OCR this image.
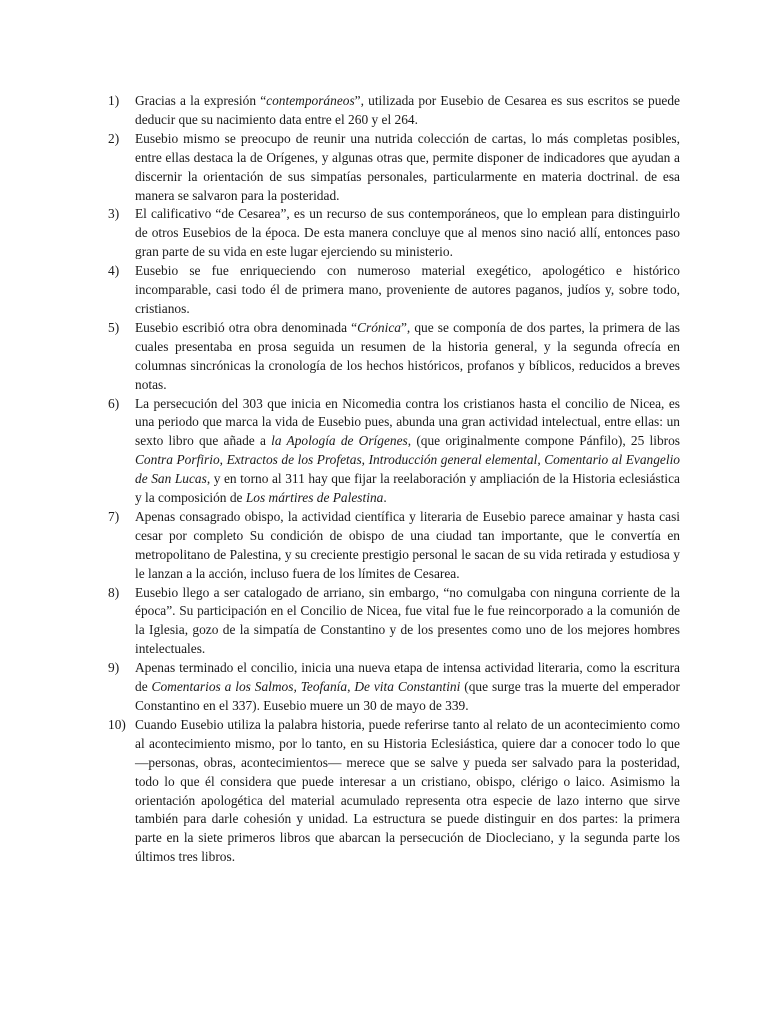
1)	Gracias a la expresión “contemporáneos”, utilizada por Eusebio de Cesarea es sus escritos se puede deducir que su nacimiento data entre el 260 y el 264.

2)	Eusebio mismo se preocupo de reunir una nutrida colección de cartas, lo más completas posibles, entre ellas destaca la de Orígenes, y algunas otras que, permite disponer de indicadores que ayudan a discernir la orientación de sus simpatías personales, particularmente en materia doctrinal. de esa manera se salvaron para la posteridad.

3)	El calificativo “de Cesarea”, es un recurso de sus contemporáneos, que lo emplean para distinguirlo de otros Eusebios de la época. De esta manera concluye que al menos sino nació allí, entonces paso gran parte de su vida en este lugar ejerciendo su ministerio.

4)	Eusebio se fue enriqueciendo con numeroso material exegético, apologético e histórico incomparable, casi todo él de primera mano, proveniente de autores paganos, judíos y, sobre todo, cristianos.

5)	Eusebio escribió otra obra denominada “Crónica”, que se componía de dos partes, la primera de las cuales presentaba en prosa seguida un resumen de la historia general, y la segunda ofrecía en columnas sincrónicas la cronología de los hechos históricos, profanos y bíblicos, reducidos a breves notas.

6)	La persecución del 303 que inicia en Nicomedia contra los cristianos hasta el concilio de Nicea, es una periodo que marca la vida de Eusebio pues, abunda una gran actividad intelectual, entre ellas: un sexto libro que añade a la Apología de Orígenes, (que originalmente compone Pánfilo), 25 libros Contra Porfirio, Extractos de los Profetas, Introducción general elemental, Comentario al Evangelio de San Lucas, y en torno al 311 hay que fijar la reelaboración y ampliación de la Historia eclesiástica y la composición de Los mártires de Palestina.

7)	Apenas consagrado obispo, la actividad científica y literaria de Eusebio parece amainar y hasta casi cesar por completo Su condición de obispo de una ciudad tan importante, que le convertía en metropolitano de Palestina, y su creciente prestigio personal le sacan de su vida retirada y estudiosa y le lanzan a la acción, incluso fuera de los límites de Cesarea.

8)	Eusebio llego a ser catalogado de arriano, sin embargo, “no comulgaba con ninguna corriente de la época”. Su participación en el Concilio de Nicea, fue vital fue le fue reincorporado a la comunión de la Iglesia, gozo de la simpatía de Constantino y de los presentes como uno de los mejores hombres intelectuales.

9)	Apenas terminado el concilio, inicia una nueva etapa de intensa actividad literaria, como la escritura de Comentarios a los Salmos, Teofanía, De vita Constantini (que surge tras la muerte del emperador Constantino en el 337). Eusebio muere un 30 de mayo de 339.

10) Cuando Eusebio utiliza la palabra historia, puede referirse tanto al relato de un acontecimiento como al acontecimiento mismo, por lo tanto, en su Historia Eclesiástica, quiere dar a conocer todo lo que —personas, obras, acontecimientos— merece que se salve y pueda ser salvado para la posteridad, todo lo que él considera que puede interesar a un cristiano, obispo, clérigo o laico. Asimismo la orientación apologética del material acumulado representa otra especie de lazo interno que sirve también para darle cohesión y unidad. La estructura se puede distinguir en dos partes: la primera parte en la siete primeros libros que abarcan la persecución de Diocleciano, y la segunda parte los últimos tres libros.
